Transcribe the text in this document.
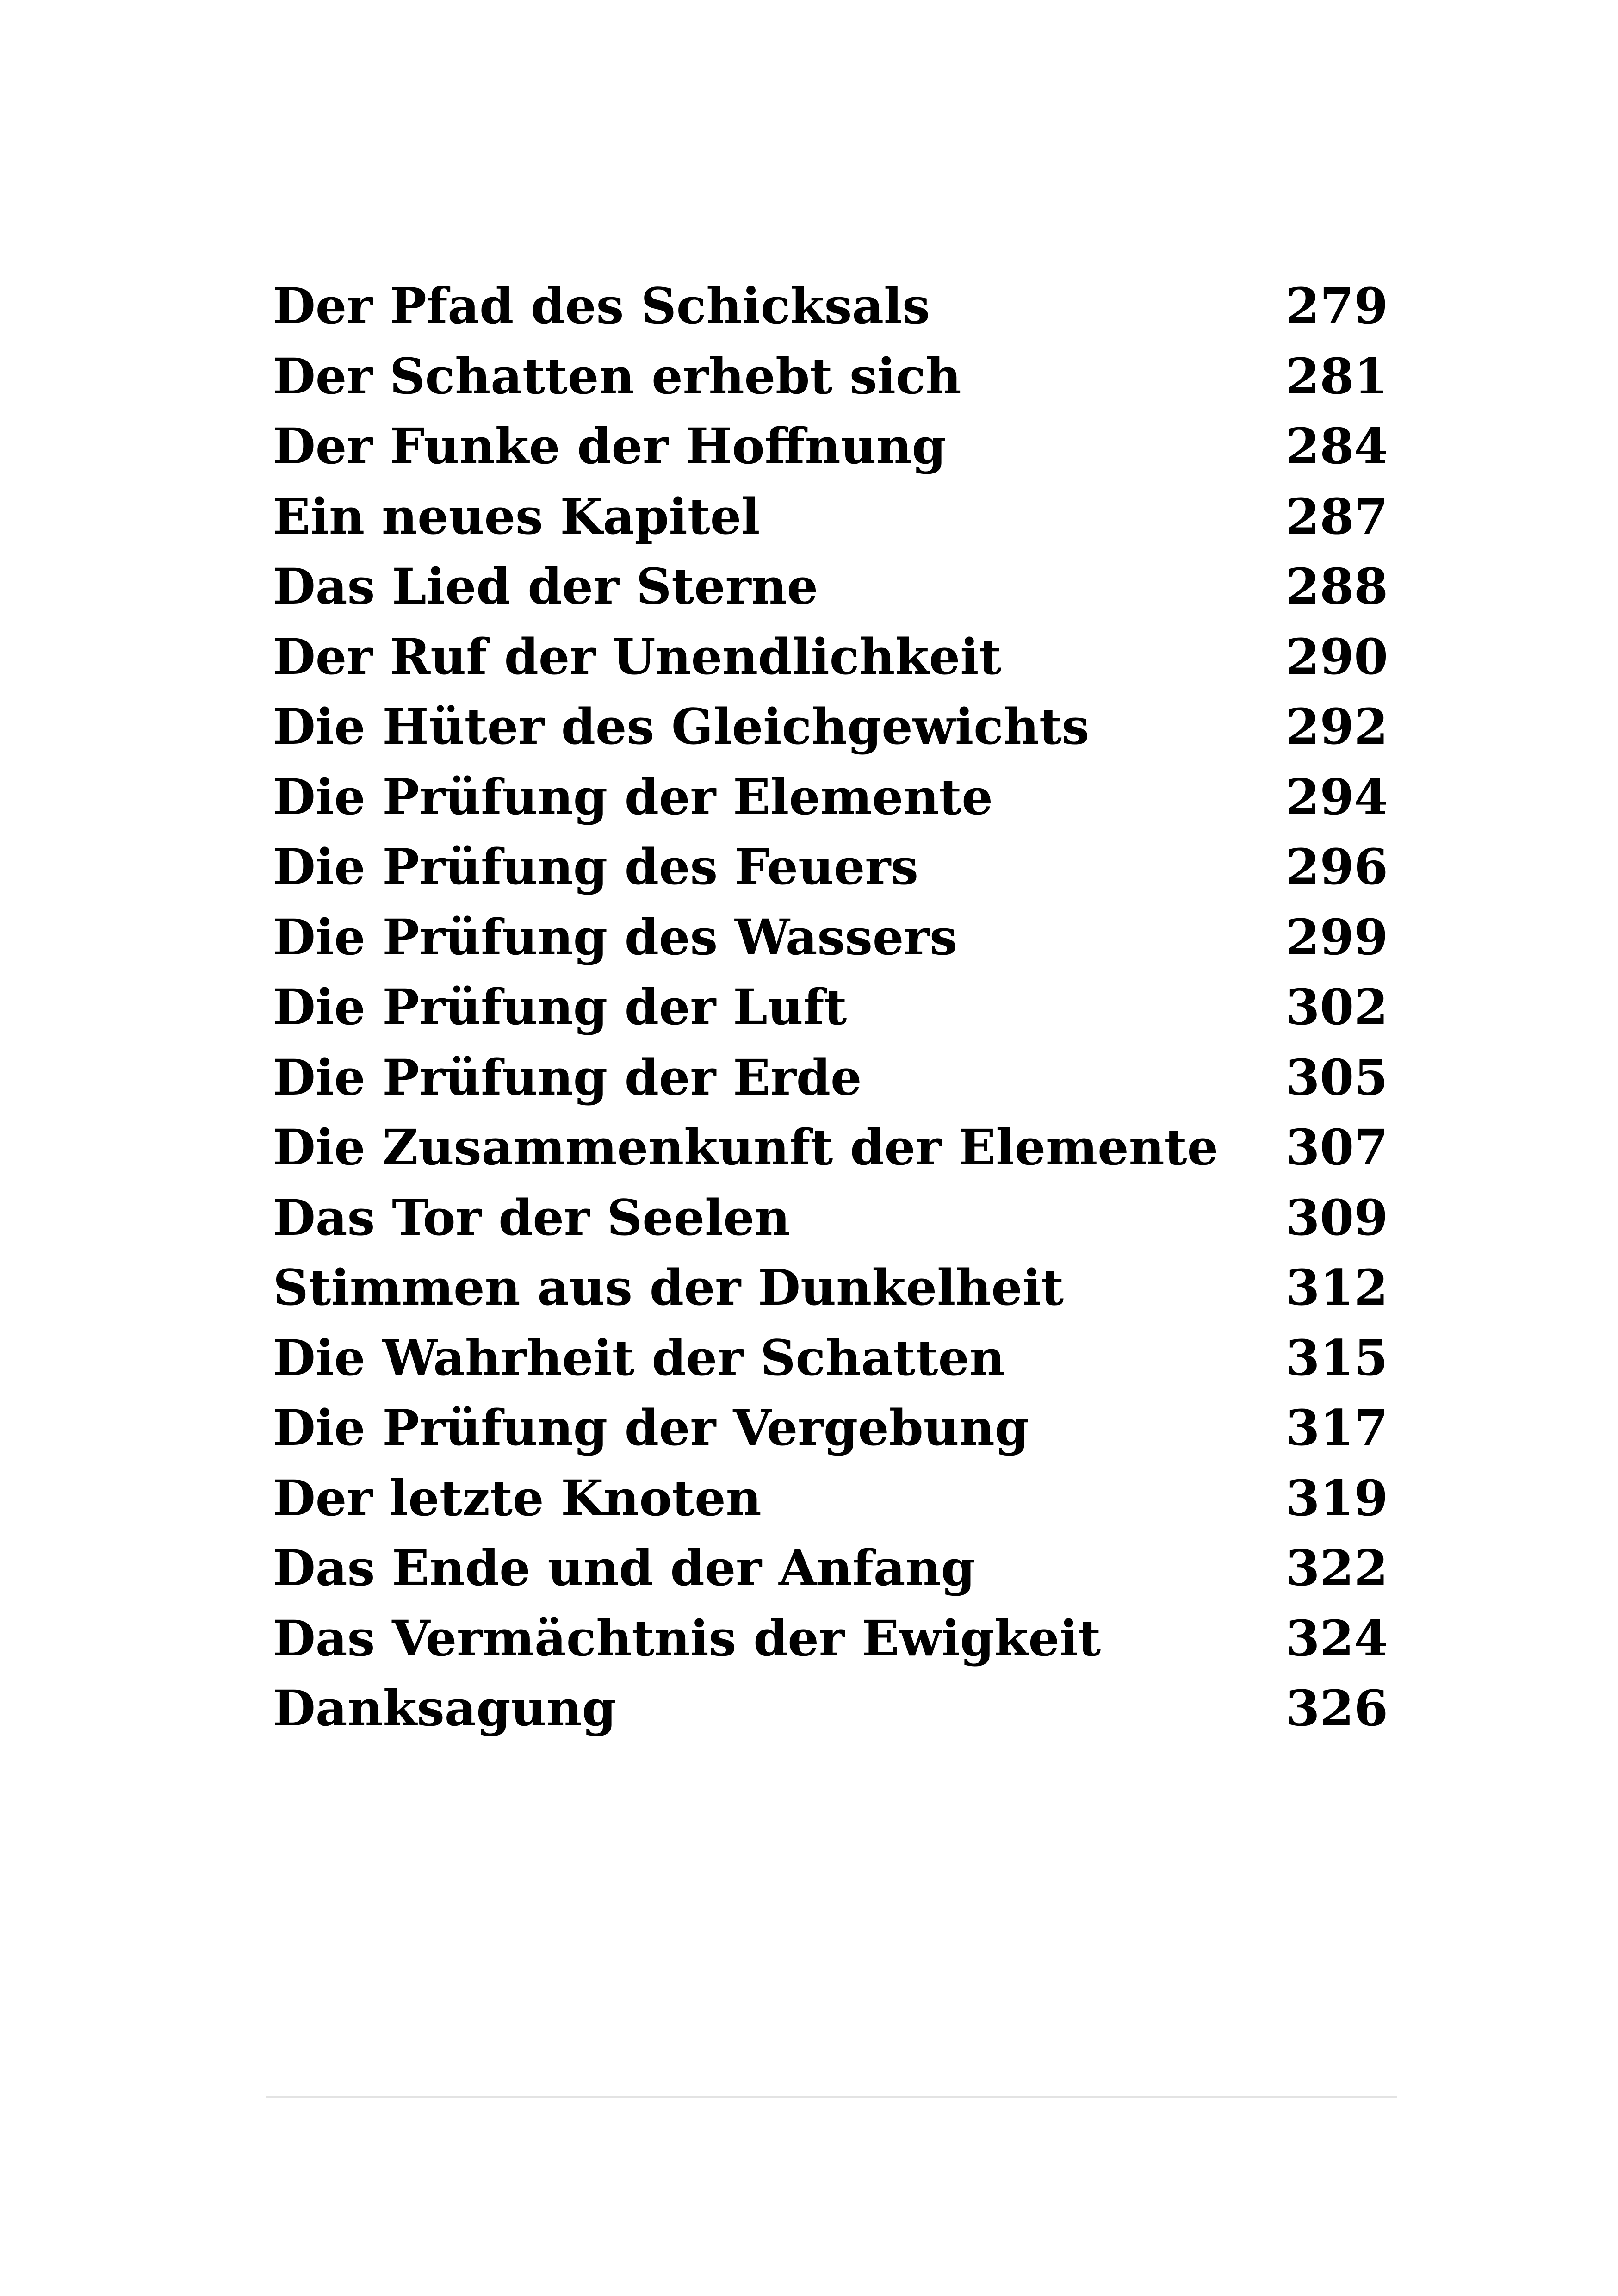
Der Pfad des Schicksals	279
Der Schatten erhebt sich	281
Der Funke der Hoffnung	284
Ein neues Kapitel	287
Das Lied der Sterne	288
Der Ruf der Unendlichkeit	290
Die Hüter des Gleichgewichts	292
Die Prüfung der Elemente	294
Die Prüfung des Feuers	296
Die Prüfung des Wassers	299
Die Prüfung der Luft	302
Die Prüfung der Erde	305
Die Zusammenkunft der Elemente 307
Das Tor der Seelen	309
Stimmen aus der Dunkelheit	312
Die Wahrheit der Schatten	315
Die Prüfung der Vergebung	317
Der letzte Knoten	319
Das Ende und der Anfang	322
Das Vermächtnis der Ewigkeit	324
Danksagung	326
